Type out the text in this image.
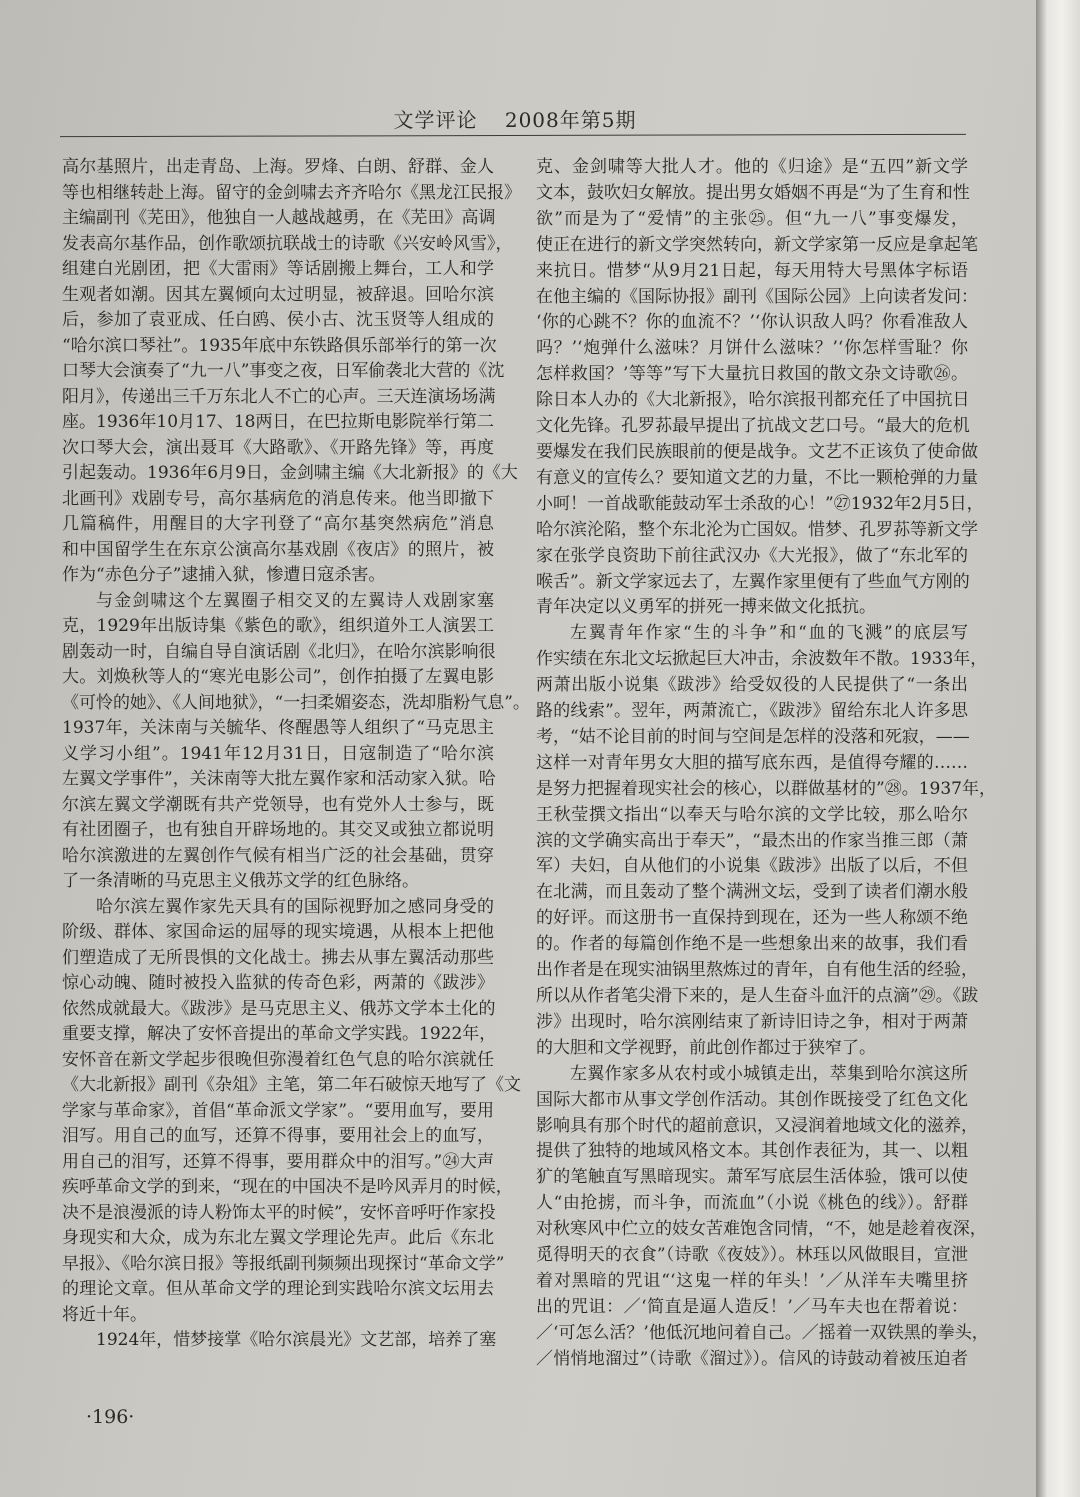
文学评论 2008年第5期
高尔基照片，出走青岛、上海。罗烽、白朗、舒群、金人
等也相继转赴上海。留守的金剑啸去齐齐哈尔《黑龙江民报》
主编副刊《芜田》，他独自一人越战越勇，在《芜田》高调
发表高尔基作品，创作歌颂抗联战士的诗歌《兴安岭风雪》，
组建白光剧团，把《大雷雨》等话剧搬上舞台，工人和学
生观者如潮。因其左翼倾向太过明显，被辞退。回哈尔滨
后，参加了袁亚成、任白鸥、侯小古、沈玉贤等人组成的
“哈尔滨口琴社”。1935年底中东铁路俱乐部举行的第一次
口琴大会演奏了“九一八”事变之夜，日军偷袭北大营的《沈
阳月》，传递出三千万东北人不亡的心声。三天连演场场满
座。1936年10月17、18两日，在巴拉斯电影院举行第二
次口琴大会，演出聂耳《大路歌》、《开路先锋》等，再度
引起轰动。1936年6月9日，金剑啸主编《大北新报》的《大
北画刊》戏剧专号，高尔基病危的消息传来。他当即撤下
几篇稿件，用醒目的大字刊登了“高尔基突然病危”消息
和中国留学生在东京公演高尔基戏剧《夜店》的照片，被
作为“赤色分子”逮捕入狱，惨遭日寇杀害。
与金剑啸这个左翼圈子相交叉的左翼诗人戏剧家塞
克，1929年出版诗集《紫色的歌》，组织道外工人演罢工
剧轰动一时，自编自导自演话剧《北归》，在哈尔滨影响很
大。刘焕秋等人的“寒光电影公司”，创作拍摄了左翼电影
《可怜的她》、《人间地狱》，“一扫柔媚姿态，洗却脂粉气息”。
1937年，关沫南与关毓华、佟醒愚等人组织了“马克思主
义学习小组”。1941年12月31日，日寇制造了“哈尔滨
左翼文学事件”，关沫南等大批左翼作家和活动家入狱。哈
尔滨左翼文学潮既有共产党领导，也有党外人士参与，既
有社团圈子，也有独自开辟场地的。其交叉或独立都说明
哈尔滨激进的左翼创作气候有相当广泛的社会基础，贯穿
了一条清晰的马克思主义俄苏文学的红色脉络。
哈尔滨左翼作家先天具有的国际视野加之感同身受的
阶级、群体、家国命运的屈辱的现实境遇，从根本上把他
们塑造成了无所畏惧的文化战士。拂去从事左翼活动那些
惊心动魄、随时被投入监狱的传奇色彩，两萧的《跋涉》
依然成就最大。《跋涉》是马克思主义、俄苏文学本土化的
重要支撑，解决了安怀音提出的革命文学实践。1922年，
安怀音在新文学起步很晚但弥漫着红色气息的哈尔滨就任
《大北新报》副刊《杂俎》主笔，第二年石破惊天地写了《文
学家与革命家》，首倡“革命派文学家”。“要用血写，要用
泪写。用自己的血写，还算不得事，要用社会上的血写，
用自己的泪写，还算不得事，要用群众中的泪写。”㉔大声
疾呼革命文学的到来，“现在的中国决不是吟风弄月的时候，
决不是浪漫派的诗人粉饰太平的时候”，安怀音呼吁作家投
身现实和大众，成为东北左翼文学理论先声。此后《东北
早报》、《哈尔滨日报》等报纸副刊频频出现探讨“革命文学”
的理论文章。但从革命文学的理论到实践哈尔滨文坛用去
将近十年。
1924年，惜梦接掌《哈尔滨晨光》文艺部，培养了塞
克、金剑啸等大批人才。他的《归途》是“五四”新文学
文本，鼓吹妇女解放。提出男女婚姻不再是“为了生育和性
欲”而是为了“爱情”的主张㉕。但“九一八”事变爆发，
使正在进行的新文学突然转向，新文学家第一反应是拿起笔
来抗日。惜梦“从9月21日起，每天用特大号黑体字标语
在他主编的《国际协报》副刊《国际公园》上向读者发问：
‘你的心跳不？你的血流不？’‘你认识敌人吗？你看准敌人
吗？’‘炮弹什么滋味？月饼什么滋味？’‘你怎样雪耻？你
怎样救国？’等等”写下大量抗日救国的散文杂文诗歌㉖。
除日本人办的《大北新报》，哈尔滨报刊都充任了中国抗日
文化先锋。孔罗荪最早提出了抗战文艺口号。“最大的危机
要爆发在我们民族眼前的便是战争。文艺不正该负了使命做
有意义的宣传么？要知道文艺的力量，不比一颗枪弹的力量
小呵！一首战歌能鼓动军士杀敌的心！”㉗1932年2月5日，
哈尔滨沦陷，整个东北沦为亡国奴。惜梦、孔罗荪等新文学
家在张学良资助下前往武汉办《大光报》，做了“东北军的
喉舌”。新文学家远去了，左翼作家里便有了些血气方刚的
青年决定以义勇军的拼死一搏来做文化抵抗。
左翼青年作家“生的斗争”和“血的飞溅”的底层写
作实绩在东北文坛掀起巨大冲击，余波数年不散。1933年，
两萧出版小说集《跋涉》给受奴役的人民提供了“一条出
路的线索”。翌年，两萧流亡，《跋涉》留给东北人许多思
考，“姑不论目前的时间与空间是怎样的没落和死寂，——
这样一对青年男女大胆的描写底东西，是值得夸耀的……
是努力把握着现实社会的核心，以群做基材的”㉘。1937年，
王秋莹撰文指出“以奉天与哈尔滨的文学比较，那么哈尔
滨的文学确实高出于奉天”，“最杰出的作家当推三郎（萧
军）夫妇，自从他们的小说集《跋涉》出版了以后，不但
在北满，而且轰动了整个满洲文坛，受到了读者们潮水般
的好评。而这册书一直保持到现在，还为一些人称颂不绝
的。作者的每篇创作绝不是一些想象出来的故事，我们看
出作者是在现实油锅里熬炼过的青年，自有他生活的经验，
所以从作者笔尖滑下来的，是人生奋斗血汗的点滴”㉙。《跋
涉》出现时，哈尔滨刚结束了新诗旧诗之争，相对于两萧
的大胆和文学视野，前此创作都过于狭窄了。
左翼作家多从农村或小城镇走出，萃集到哈尔滨这所
国际大都市从事文学创作活动。其创作既接受了红色文化
影响具有那个时代的超前意识，又浸润着地域文化的滋养，
提供了独特的地域风格文本。其创作表征为，其一、以粗
犷的笔触直写黑暗现实。萧军写底层生活体验，饿可以使
人“由抢掳，而斗争，而流血”（小说《桃色的线》）。舒群
对秋寒风中伫立的妓女苦难饱含同情，“不，她是趁着夜深，
觅得明天的衣食”（诗歌《夜妓》）。林珏以风做眼目，宣泄
着对黑暗的咒诅“‘这鬼一样的年头！’／从洋车夫嘴里挤
出的咒诅：／‘简直是逼人造反！’／马车夫也在帮着说：
／‘可怎么活？’他低沉地问着自己。／摇着一双铁黑的拳头，
／悄悄地溜过”（诗歌《溜过》）。信风的诗鼓动着被压迫者
·196·
